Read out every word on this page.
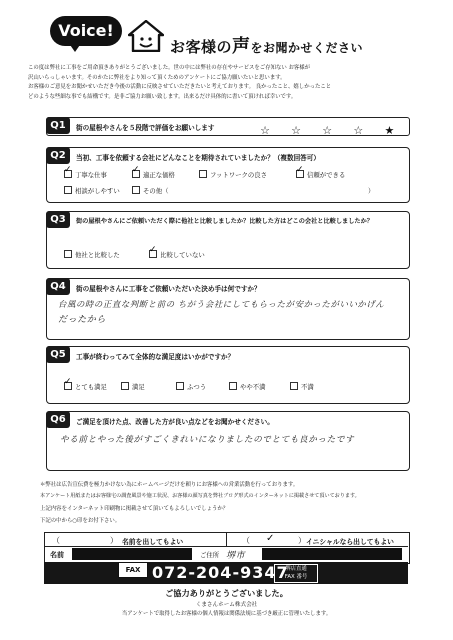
Voice!
お客様の声をお聞かせください

この度は弊社に工事をご用命頂きありがとうございました。世の中には弊社の存在やサービスをご存知ない お客様が

沢山いらっしゃいます。そのかたに弊社をより知って頂くためのアンケートにご協力願いたいと思います。

お客様のご意見をお聞かせいただき今後の活動に反映させていただきたいと考えております。 良かったこと、嬉しかったこと

どのような些細な事でも結構です。是非ご協力お願い致します。出来るだけ具体的に書いて頂ければ幸いです。

Q1	街の屋根やさんを５段階で評価をお願いします	☆ ☆ ☆ ☆ ★
Q2	当初、工事を依頼する会社にどんなことを期待されていましたか？（複数回答可）
✓丁寧な仕事 ✓	適正な価格	フットワークの良さ ✓	信頼ができる
相談がしやすい	その他（	）
Q3	街の屋根やさんにご依頼いただく際に他社と比較しましたか？比較した方はどこの会社と比較しましたか？
他社と比較した ✓	比較していない
Q4	街の屋根やさんに工事をご依頼いただいた決め手は何ですか？
台風の時の正直な判断と前の ちがう会社にしてもらったが安かったがいいかげん
だったから
Q5	工事が終わってみて全体的な満足度はいかがですか？
✓とても満足	満足	ふつう	やや不満	不満
Q6	ご満足を頂けた点、改善した方が良い点などをお聞かせください。
やる前とやった後がすごくきれいになりましたのでとても良かったです
＊弊社は広告宣伝費を極力かけない為にホームページだけを頼りにお客様への営業活動を行っております。
本アンケート用紙またはお客様宅の調査風景や施工状況、お客様の顔写真を弊社ブログ形式のインターネットに掲載させて頂いております。
上記内容をインターネット印刷物に掲載させて頂いてもよろしいでしょうか？
下記の中から○印をお付下さい。
（	） 名前を出してもよい	（ ✓	） イニシャルなら出してもよい
名前	ご住所 堺市
FAX 072-204-9347
堺店直通
FAX 番号
ご協力ありがとうございました。
くまさんホーム株式会社
当アンケートで取得したお客様の個人情報は関係法規に基づき厳正に管理いたします。
